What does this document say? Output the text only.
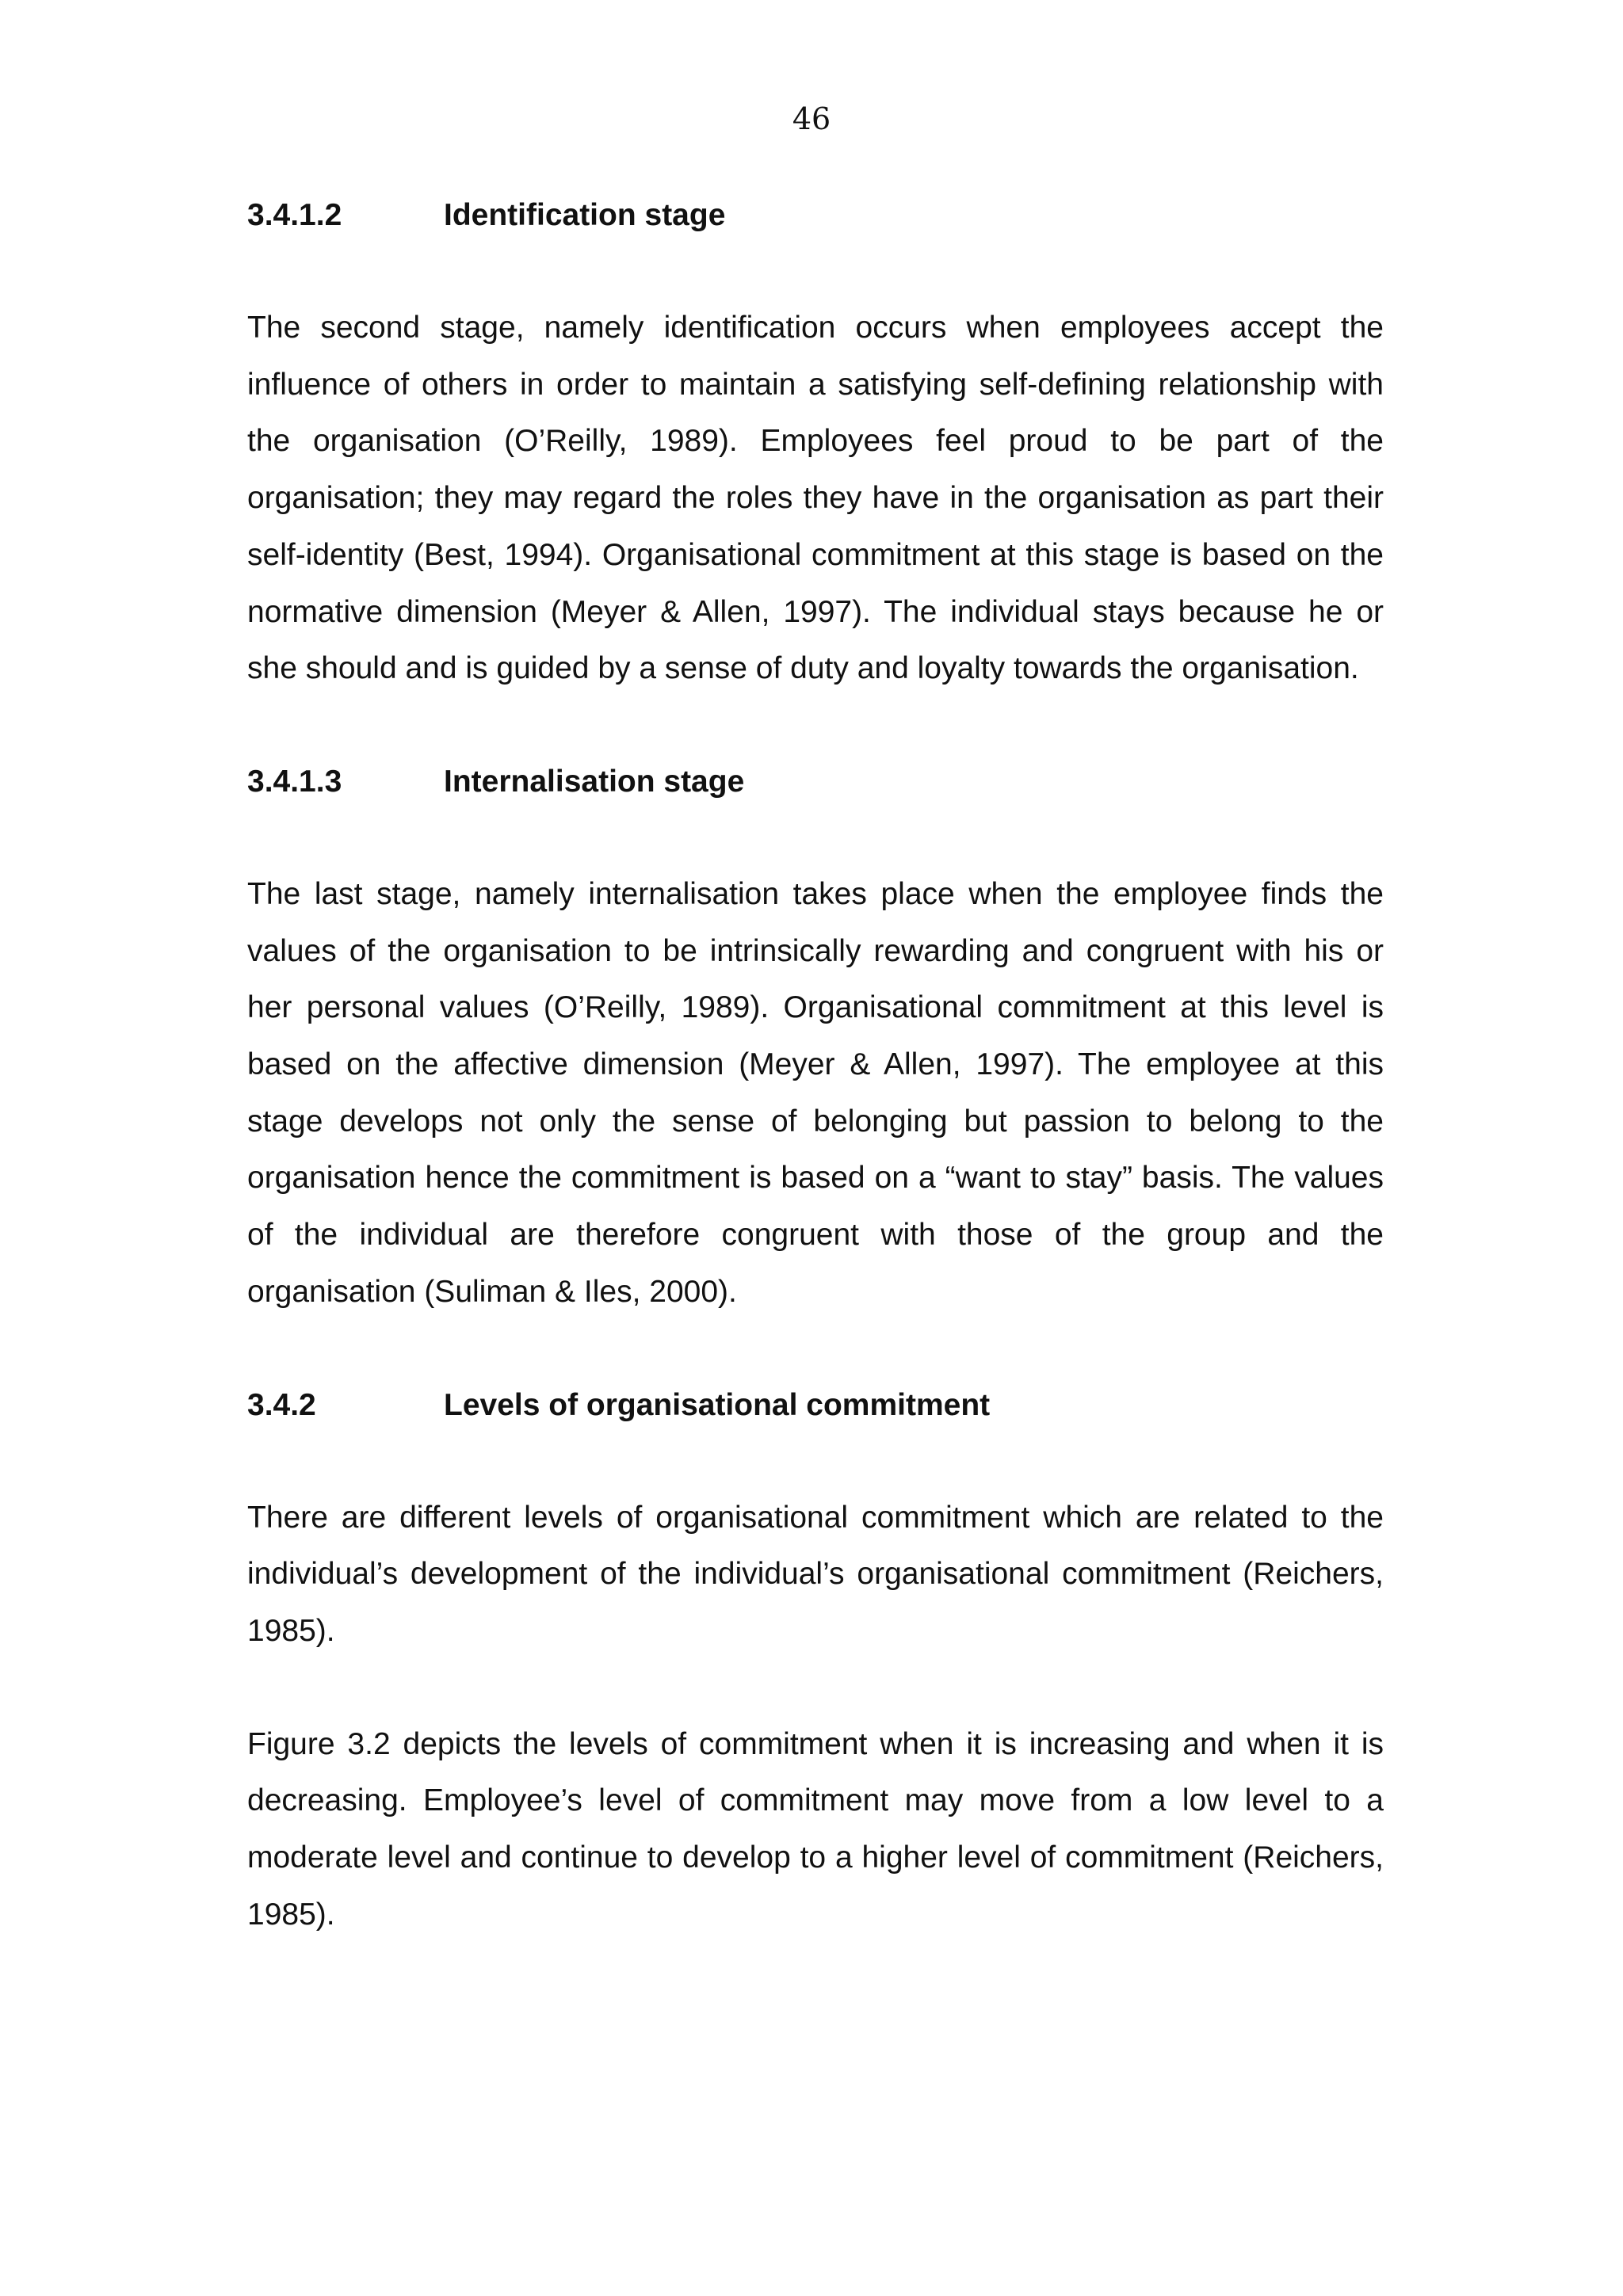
46
3.4.1.2	Identification stage

The second stage, namely identification occurs when employees accept the influence of others in order to maintain a satisfying self-defining relationship with the organisation (O’Reilly, 1989). Employees feel proud to be part of the organisation; they may regard the roles they have in the organisation as part their self-identity (Best, 1994). Organisational commitment at this stage is based on the normative dimension (Meyer & Allen, 1997). The individual stays because he or she should and is guided by a sense of duty and loyalty towards the organisation.

3.4.1.3	Internalisation stage

The last stage, namely internalisation takes place when the employee finds the values of the organisation to be intrinsically rewarding and congruent with his or her personal values (O’Reilly, 1989). Organisational commitment at this level is based on the affective dimension (Meyer & Allen, 1997). The employee at this stage develops not only the sense of belonging but passion to belong to the organisation hence the commitment is based on a “want to stay” basis. The values of the individual are therefore congruent with those of the group and the organisation (Suliman & Iles, 2000).

3.4.2	Levels of organisational commitment

There are different levels of organisational commitment which are related to the individual’s development of the individual’s organisational commitment (Reichers, 1985).

Figure 3.2 depicts the levels of commitment when it is increasing and when it is decreasing. Employee’s level of commitment may move from a low level to a moderate level and continue to develop to a higher level of commitment (Reichers, 1985).
